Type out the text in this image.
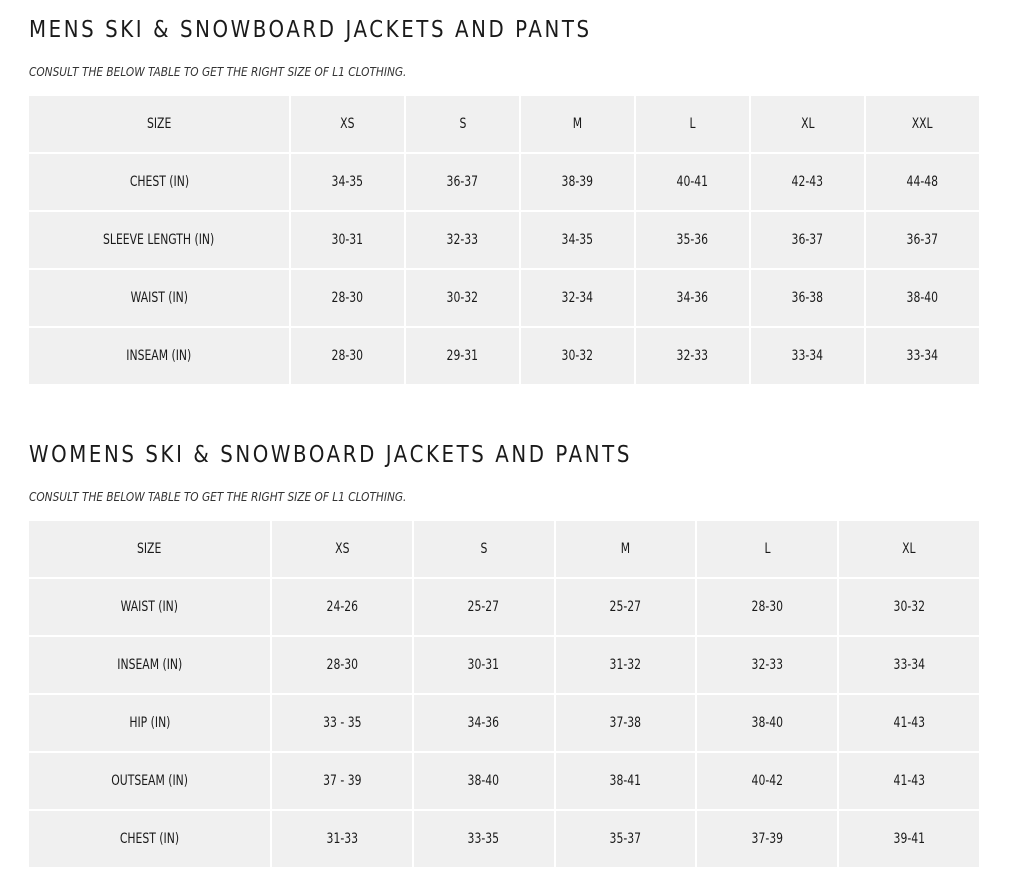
MENS SKI & SNOWBOARD JACKETS AND PANTS

CONSULT THE BELOW TABLE TO GET THE RIGHT SIZE OF L1 CLOTHING.

SIZE	XS	S	M	L	XL	XXL
CHEST (IN)	34-35	36-37	38-39	40-41	42-43	44-48
SLEEVE LENGTH (IN)	30-31	32-33	34-35	35-36	36-37	36-37
WAIST (IN)	28-30	30-32	32-34	34-36	36-38	38-40
INSEAM (IN)	28-30	29-31	30-32	32-33	33-34	33-34
WOMENS SKI & SNOWBOARD JACKETS AND PANTS

CONSULT THE BELOW TABLE TO GET THE RIGHT SIZE OF L1 CLOTHING.

SIZE	XS	S	M	L	XL
WAIST (IN)	24-26	25-27	25-27	28-30	30-32
INSEAM (IN)	28-30	30-31	31-32	32-33	33-34
HIP (IN)	33 - 35	34-36	37-38	38-40	41-43
OUTSEAM (IN)	37 - 39	38-40	38-41	40-42	41-43
CHEST (IN)	31-33	33-35	35-37	37-39	39-41
